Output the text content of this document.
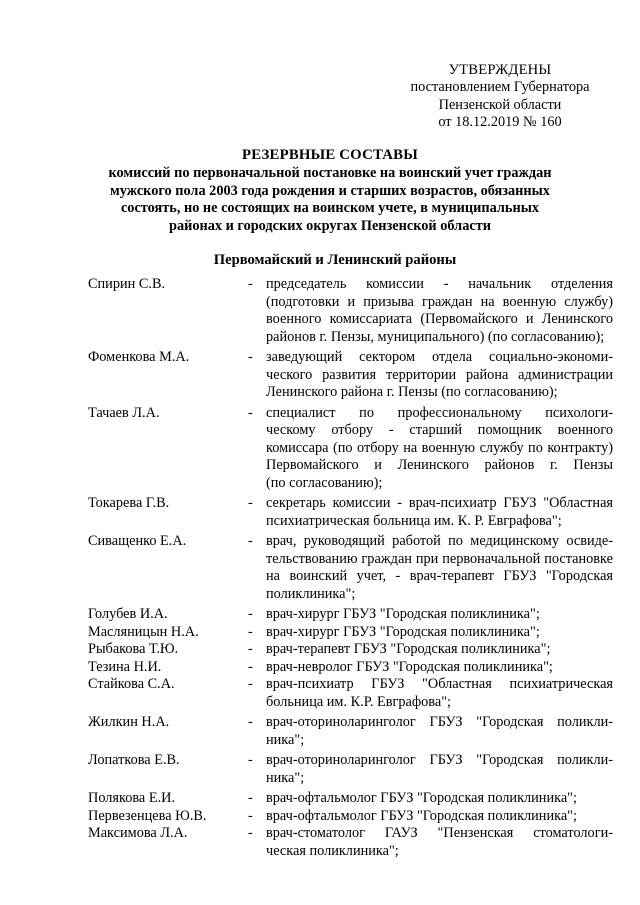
УТВЕРЖДЕНЫ
постановлением Губернатора
Пензенской области
от 18.12.2019 № 160
РЕЗЕРВНЫЕ СОСТАВЫ
комиссий по первоначальной постановке на воинский учет граждан
мужского пола 2003 года рождения и старших возрастов, обязанных
состоять, но не состоящих на воинском учете, в муниципальных
районах и городских округах Пензенской области
Первомайский и Ленинский районы
Спирин С.В.	- председатель комиссии - начальник отделения
(подготовки и призыва граждан на военную службу)
военного комиссариата (Первомайского и Ленинского
районов г. Пензы, муниципального) (по согласованию);
Фоменкова М.А.	- заведующий сектором отдела социально-экономи-
ческого развития территории района администрации
Ленинского района г. Пензы (по согласованию);
Тачаев Л.А.	- специалист по профессиональному психологи-
ческому отбору - старший помощник военного
комиссара (по отбору на военную службу по контракту)
Первомайского и Ленинского районов г. Пензы
(по согласованию);
Токарева Г.В.	- секретарь комиссии - врач-психиатр ГБУЗ "Областная
психиатрическая больница им. К. Р. Евграфова";
Сиващенко Е.А.	- врач, руководящий работой по медицинскому освиде-
тельствованию граждан при первоначальной постановке
на воинский учет, - врач-терапевт ГБУЗ "Городская
поликлиника";
Голубев И.А.	- врач-хирург ГБУЗ "Городская поликлиника";
Масляницын Н.А.	- врач-хирург ГБУЗ "Городская поликлиника";
Рыбакова Т.Ю.	- врач-терапевт ГБУЗ "Городская поликлиника";
Тезина Н.И.	- врач-невролог ГБУЗ "Городская поликлиника";
Стайкова С.А.	- врач-психиатр ГБУЗ "Областная психиатрическая
больница им. К.Р. Евграфова";
Жилкин Н.А.	- врач-оториноларинголог ГБУЗ "Городская поликли-
ника";
Лопаткова Е.В.	- врач-оториноларинголог ГБУЗ "Городская поликли-
ника";
Полякова Е.И.	- врач-офтальмолог ГБУЗ "Городская поликлиника";
Первезенцева Ю.В.	- врач-офтальмолог ГБУЗ "Городская поликлиника";
Максимова Л.А.	- врач-стоматолог ГАУЗ "Пензенская стоматологи-
ческая поликлиника";
